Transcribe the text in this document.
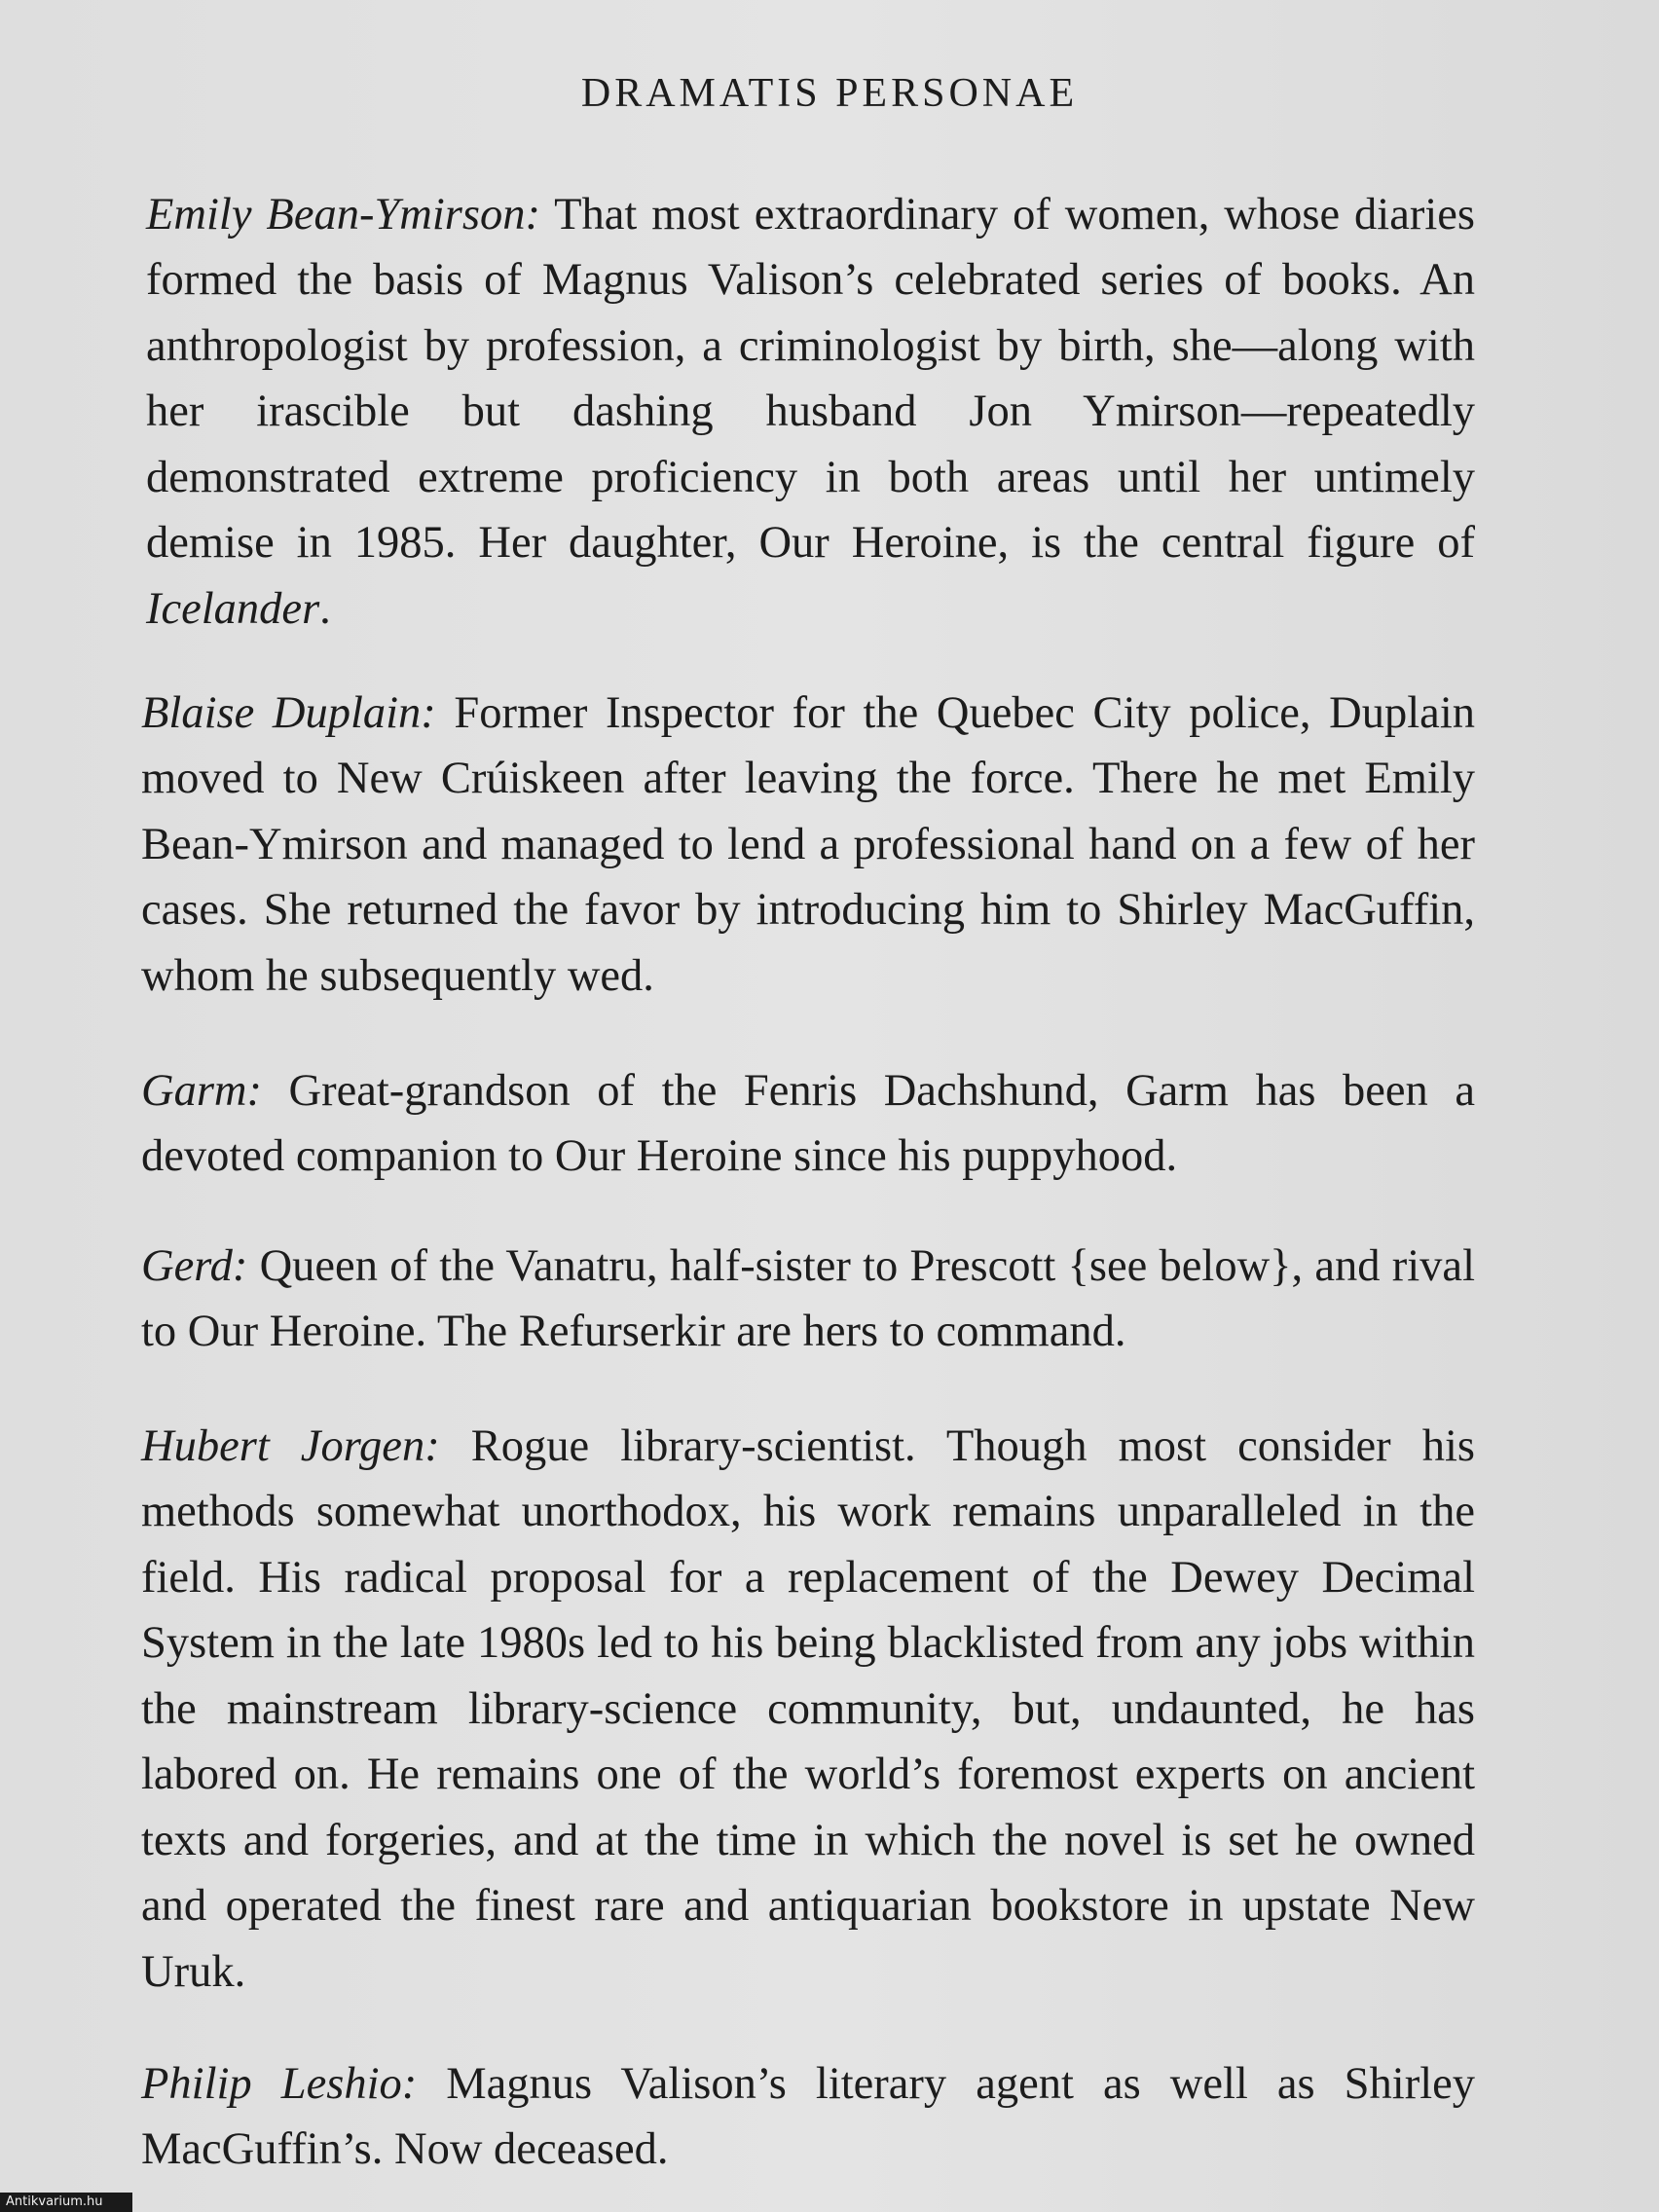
DRAMATIS PERSONAE

Emily Bean-Ymirson: That most extraordinary of women, whose diaries formed the basis of Magnus Valison’s celebrated series of books. An anthropologist by profession, a criminologist by birth, she—along with her irascible but dashing husband Jon Ymirson—repeatedly demonstrated extreme proficiency in both areas until her untimely demise in 1985. Her daughter, Our Heroine, is the central figure of Icelander.

Blaise Duplain: Former Inspector for the Quebec City police, Duplain moved to New Crúiskeen after leaving the force. There he met Emily Bean-Ymirson and managed to lend a professional hand on a few of her cases. She returned the favor by introducing him to Shirley MacGuffin, whom he subsequently wed.

Garm: Great-grandson of the Fenris Dachshund, Garm has been a devoted companion to Our Heroine since his puppyhood.

Gerd: Queen of the Vanatru, half-sister to Prescott {see below}, and rival to Our Heroine. The Refurserkir are hers to command.

Hubert Jorgen: Rogue library-scientist. Though most consider his methods somewhat unorthodox, his work remains unparalleled in the field. His radical proposal for a replacement of the Dewey Decimal System in the late 1980s led to his being blacklisted from any jobs within the mainstream library-science community, but, undaunted, he has labored on. He remains one of the world’s foremost experts on ancient texts and forgeries, and at the time in which the novel is set he owned and operated the finest rare and antiquarian bookstore in upstate New Uruk.

Philip Leshio: Magnus Valison’s literary agent as well as Shirley MacGuffin’s. Now deceased.

Antikvarium.hu
